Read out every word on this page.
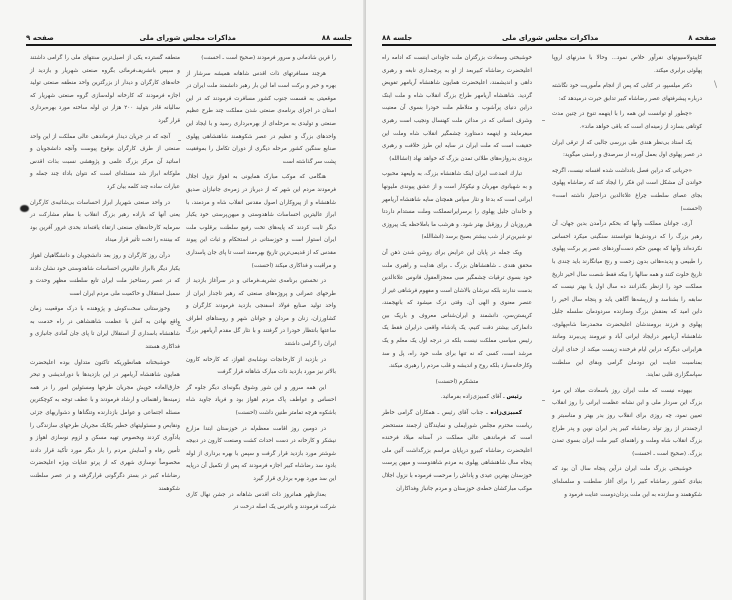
جلسه ۸۸
مذاکرات مجلس شورای ملی
صفحه ۹

را قرین شادمانی و سرور فرمودند (صحیح است ـ احسنت)

هرچند مسافرتهای ذات اقدس شاهانه همیشه سرشار از بهره و خیر و برکت است اما این بار رهبر دانشمند ملت ایران در موقعیتی به قسمت جنوب کشور مسافرت فرمودند که در این استان در اجرای برنامه‌ی صنعتی شدن مملکت چند طرح عظیم صنعتی و تولیدی به مرحله‌ای از بهره‌برداری رسید و با ایجاد این واحدهای بزرگ و عظیم در عصر شکوهمند شاهنشاهی پهلوی صنایع سنگین کشور مرحله دیگری از دوران تکامل را بموفقیت پشت سر گذاشته است

هنگامی که موکب مبارک همایونی به اهواز نزول اجلال فرمودند مردم این شهر که از دیرباز در زمره‌ی جانبازان صدیق شاهنشاه و از پیروکاران اصول مقدس انقلاب شاه و مردمند، با ابراز عالیترین احساسات شاهدوستی و میهن‌پرستی خود یکبار دیگر ثابت کردند که پایه‌های تخت رفیع سلطنت برقلوب ملت ایران استوار است و خوزستانی در استحکام و ثبات این پیوند مقدس که از قدیمی‌ترین تاریخ بهره‌مند است تا پای جان پاسداری و مراقبت و فداکاری میکند (احسنت)

در نخستین برنامه‌ی تشریف‌فرمائی و در سرآغاز بازدید از طرحهای عمرانی و پروژه‌های صنعتی که رهبر تاجدار ایران از واحد تولید صنایع فولاد اسفنجی بازدید فرمودند کارگران و کشاورزان، زنان و مردان و جوانان شهر و روستاهای اطراف ساعتها بانتظار خودرا در گرفتند و با نثار گل مقدم آریامهر بزرگ ایران را گرامی داشتند

در بازدید از کارخانجات نوشابه‌ی اهواز، که کارخانه کارون بالاتر نیز مورد بازدید ذات مبارک شاهانه قرار گرفت

این همه سرور و این شور وشوق بگونه‌ای دیگر جلوه گر احساس و عواطف پاک مردم اهواز بود و فریاد جاوید شاه باشکوه هرچه تمامتر طنین داشت (احسنت)

در دومین روز اقامت معظم‌له در خوزستان ابتدا مزارع نیشکر و کارخانه در دست احداث کشت وصنعت کارون در دبیجه شوشتر مورد بازدید قرار گرفت و سپس با بهره برداری از لوله بادود سد رضاشاه کبیر اجازه فرمودند که پس از تکمیل آن درپایه این سد مورد بهره برداری قرار گیرد

بعدازظهر همانروز ذات اقدس شاهانه در جشن نهال کاری شرکت فرمودند و باغرس یک اصله درخت در

منطقه گسترده یکی از اصیل‌ترین سنتهای ملی را گرامی داشتند و سپس باتشریف‌فرمائی بگروه صنعتی شهریار و بازدید از خانه‌های کارگران و دیدار از بزرگترین واحد منطقه صنعتی تولید اجازه فرمودند که کارخانه لوله‌سازی گروه صنعتی شهریار که سالیانه قادر بتولید ۲۰۰ هزار تن لوله ساخته مورد بهره‌برداری قرار گیرد

آنچه که در جریان دیدار فرماندهی عالی مملکت از این واحد صنعتی از طرف کارگران بوقوع پیوست وآنچه دانشجویان و اساتید آن مرکز بزرگ علمی و پژوهشی نسبت بذات اقدس ملوکانه ابراز شد مسئله‌ای است که نتوان باداء چند جمله و عبارات ساده چند کلمه بیان کرد

در واحد صنعتی شهریار ابراز احساسات بی‌شائبه‌ی کارگران یعنی آنها که باراده رهبر بزرگ انقلاب با مقام مشارکت در سرمایه کارخانه‌های صنعتی ارتقاء یافته‌اند بحدی غرور آفرین بود که بیننده را تحت تأثیر قرار میداد

درآن روز کارگران و روز بعد دانشجویان و دانشگاهیان اهواز یکبار دیگر باابراز عالیترین احساسات شاهدوستی خود نشان دادند که در عصر رستاخیز ملت ایران تابع سلطنت مظهر وحدت و سمبل استقلال و حاکمیت ملی مردم ایران است

وخوزستانی سخت‌کوش و پژوهنده با درک موقعیت زمان واقع نهادن به آتش با عظمت شاهنشاهی در راه خدمت به شاهنشاه باسداری آز استقلال ایران تا پای جان آمادی جانبازی و فداکاری هستند

خوشبختانه همانطوریکه تاکنون متداول بوده اعلیحضرت همایون شاهنشاه آریامهر در این بازدیدها با دوراندیشی و تبحر خارق‌العاده خویش مجریان طرحها ومسئولین امور را در همه زمینه‌ها راهنمائی و ارشاد فرمودند و با عطف توجه به کوچکترین مسئله اجتماعی و عوامل بازدارنده وتنگناها و دشواریهای جزئی ونقایص و مسئولیتهای خطیر یکایک مجریان طرحهای سازندگی را یادآوری کردند وبخصوص تهیه مسکن و لزوم نوسازی اهواز و تأمین رفاه و آسایش مردم را بار دیگر مورد تأکید قرار دادند مخصوصاً نوسازی شهری که از پرتو عنایات ویژه اعلیحضرت رضاشاه کبیر در بستر دگرگونی قرارگرفته و در عصر سلطنت شکوهمند

صفحه ۸
مذاکرات مجلس شورای ملی
جلسه ۸۸

کاپیتولاسیونهای نفرآور خلاص نمود... وحالا با مدرنهای اروپا پهلوئی برابری میکند.

دکتر میلسپو، در کتابی که پس از انجام مأموریت خود نگاشته درباره پیشرفتهای عصر رضاشاه کبیر تدابق حیرت درمیدهد که:

«چطور او توانست این همه را با اینهمه تنوع در چنین مدت کوتاهی بسازد از زمینه‌ای است که باقی خواهد ماند».

یک استاد بی‌نظر هندی طی بررسی جالبی که از ترقی ایران در عصر پهلوی اول بعمل آورده از سرصدق و راستی میگوید:

«جریانی که دراین فصل بادداشت شده افسانه نیست، اگرچه خواندن آن مشکل است این فکر را ایجاد کند که رضاشاه پهلوی بجای عصای سلطنت چراغ علاءالدین دراختیار داشته است» (احسنت)

آری، جوانان مملکت وآنها که بحکم درآمدن بدین جهان، آن رهبر بزرگ را که درودش‌ها نتوانستند سنگینی میکرد احساس نکرده‌اند وآنها که بهمین حکم دست‌آوردهای عصر پر برکت پهلوی را طبیعی و پدیده‌هائی بدون زحمت و رنج میانگارند باید چندی با تاریخ خلوت کنند و همه سالها را بیکه فقط شصت سال اخیر تاریخ مملکت خود را ازنظر بگذرانند ده سال اول یا بهتر نیست که سابقه را بشناسد و ازریشه‌ها آگاهی یابد و پنجاه سال اخیر را داین امید که بعنقش بزرگ وسازنده سردودمان سلسله جلیل پهلوی و فرزند برومندشان اعلیحضرت محمدرضا شاه‌پهلوی، شاهنشاه آریامهر درایجاد ایرانی آباد و نیرومند پی‌ببرند ومانند هرایرانی دیگرکه دراین ایام فرخنده زیست میکند از خدای ایران بمناسبت عنایت این دودمان گرامی وبقای این سلطنت سپاسگزاری قلبی نمایند.

بیهوده نیست که ملت ایران روز باسعادت میلاد این مرد بزرگ این سردار ملی و این نشانه عظمت ایرانی را روز انقلاب تعیین نمود، چه روزی برای انقلاب روز بدر بهتر و مناسبتر و ارجمندتر از روز تولد رضاشاه کبیر پدر ایران نوین و پدر طراح بزرگ انقلاب شاه وملت و راهنمای کبیر ملت ایران بسوی تمدن بزرگ. (صحیح است ـ احسنت)

خوشبختی بزرگ ملت ایران درآین پنجاه سال آن بود که بنیادی کشور رضاشاه کبیر را برای آغاز سلطنت و سلسله‌ای شکوهمند و سازنده به این ملت یزدان‌دوست عنایت فرمود و

خوشبختی وسعادت بزرگتران ملت جاودانی اینست که ادامه راه اعلیحضرت رضاشاه کبیربعد از او به پرچمداری نابغه و رهبری داهی و اندیشمند، اعلیحضرت همایون شاهنشاه آریامهر تفویض گردید. شاهنشاه آریامهر طراح بزرگ انقلاب شاه و ملت اینک دراین دنیای پرآشوب و متلاطم ملت خودرا بسوی آن معنیت وشرف انسانی که در مدائن ملت کهنسال ونجیب است رهبری میفرمایند و اینهمه دستاورد چشمگیر انقلاب شاه وملت این حقیقت است که ملت ایران در سایه این طرز خلافت و رهبری بزودی بدروازه‌های طلائی تمدن بزرگ که خواهد نهاد (انشاالله)

تبارك اتمدعت ایران اینک شاهنشاه بزرگ، به ولیعهد محبوب و به شهبانوی مهربان و نیکوکار است و از عشق پیوندی ملیونها ایرانی است که بدعا و نثار سپاس همچنان سایه شاهنشاه آریامهر و خاندان جلیل پهلوی را برسرایرانمملکت وملت مستدام داردتا هرروزیان از روزقبل بهتر شود. و هرشب ما باملاحظه یک پیروزی نو شیرین‌تر از شب بیشتر بصبح برسد (انشاالله)

ویک جمله در پایان این عرایض برای روشن شدن ذهن آن محقق هندی ـ شاهنشاهان بزرگ ـ برای هدایت و راهبری ملت خود بسوی ترقیات چشمگیر مبی معجزالعقول فانوس علاءالدین بدست ندارند بلکه نیرشان بالاشان است و مفهوم فرشاهی غیر از عنصر معنوی و الهی آن. وقتی درک میشود که بانهجمند، کریستن‌سن، دانشمند و ایران‌شناس معروف و باریک بین دانمارکی بیشتر دقت کنیم، یک پادشاه واقعی درایران فقط یک رئیس سیاسی مملکت نیست بلکه در درجه اول یک معلم و یک مرشد است، کسی که نه تنها برای ملت خود راه، پل و سد وکارخانه‌سازد بلکه روح و اندیشه و قلب مردم را رهبری میکند.

متشکرم (احسنت)

رئیس ـ آقای کمبیزی‌زاده بفرمائید.

کمبیزی‌زاده ـ جناب آقای رئیس ـ همکاران گرامی خاطر ریاست محترم مجلس شورایملی و نمایندگان ارجمند مستحضر است که فرماندهی عالی مملکت در آستانه میلاد فرخنده اعلیحضرت رضاشاه کبیرو درپایان مراسم بزرگداشت آئین ملی پنجاه سال شاهنشاهی پهلوی به مردم شاهدوست و میهن پرست خوزستان بهترین عیدی و پاداش را مرحمت فرموده با نزول اجلال موکب مبارکشان خطه‌ی خوزستان و مردم جانباز وفداکاران

\
